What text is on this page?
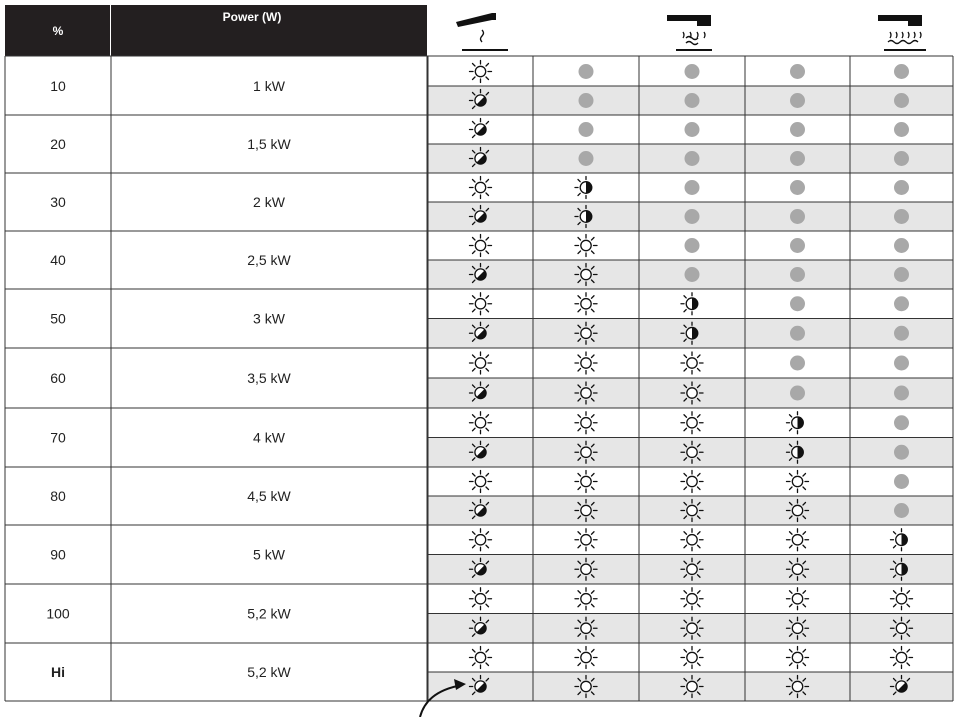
%
Power (W)
10	1 kW
20	1,5 kW
30	2 kW
40	2,5 kW
50	3 kW
60	3,5 kW
70	4 kW
80	4,5 kW
90	5 kW
100	5,2 kW
Hi	5,2 kW
